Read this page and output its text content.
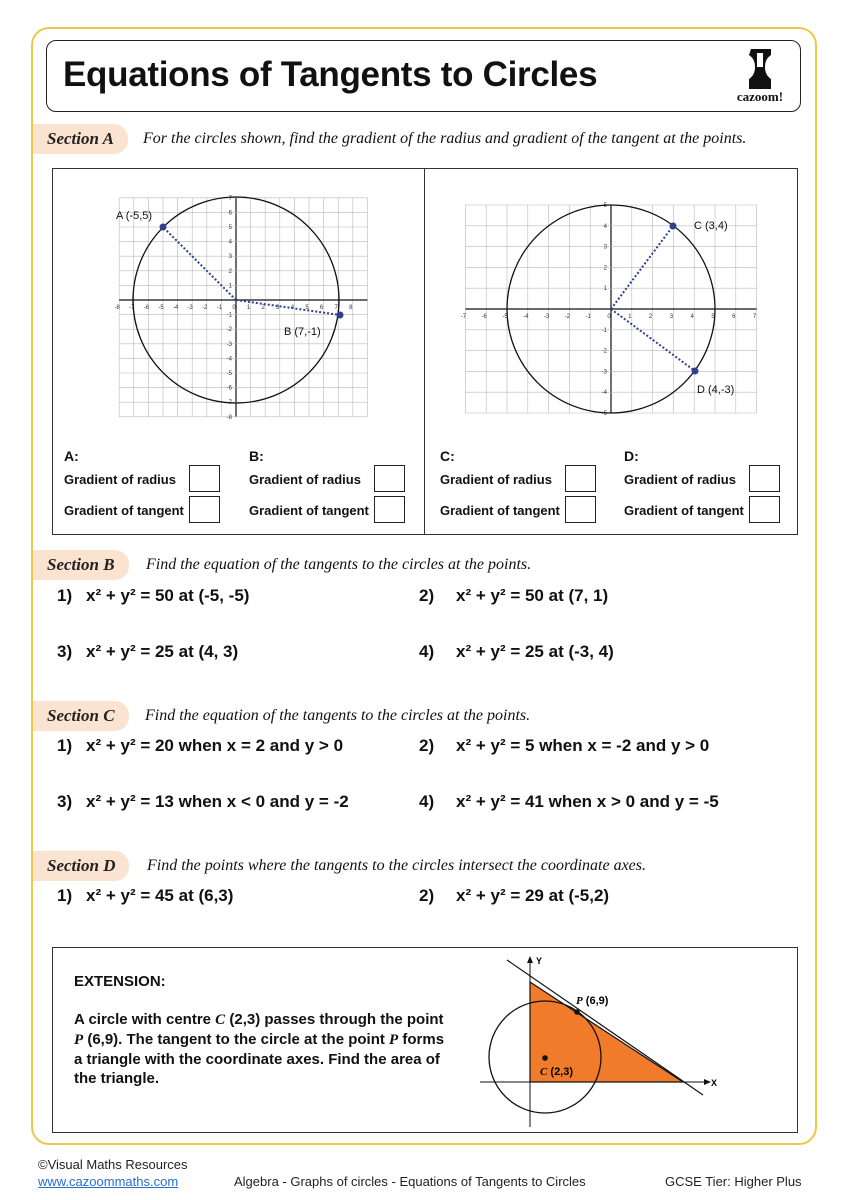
Equations of Tangents to Circles
cazoom!
Section A	For the circles shown, find the gradient of the radius and gradient of the tangent at the points.
-8 -7 -6 -5 -4 -3 -2 -1 0 1 2 3	5 6 7 8
7
6
5
4
3
2
1
-1
-2
-3
-4
-5
-6
-7
-8
A (-5,5)
B (7,-1)
-7	-6	-5	-4	-3	-2	-1	0	1	2	3	4	5	6	7
5
4
3
2
1
-1
-2
-3
-4
-5
C (3,4)
D (4,-3)
A:
Gradient of radius
Gradient of tangent
B:
Gradient of radius
Gradient of tangent
C:
Gradient of radius
Gradient of tangent
D:
Gradient of radius
Gradient of tangent
Section B	Find the equation of the tangents to the circles at the points.
1) x² + y² = 50 at (-5, -5)	2) x² + y² = 50 at (7, 1)
3) x² + y² = 25 at (4, 3)	4) x² + y² = 25 at (-3, 4)
Section C	Find the equation of the tangents to the circles at the points.
1) x² + y² = 20 when x = 2 and y > 0	2) x² + y² = 5 when x = -2 and y > 0
3) x² + y² = 13 when x < 0 and y = -2	4) x² + y² = 41 when x > 0 and y = -5
Section D	Find the points where the tangents to the circles intersect the coordinate axes.
1) x² + y² = 45 at (6,3)	2) x² + y² = 29 at (-5,2)
EXTENSION:
A circle with centre C (2,3) passes through the point P (6,9). The tangent to the circle at the point P forms a triangle with the coordinate axes. Find the area of the triangle.
Y
X
P (6,9)
C (2,3)
©Visual Maths Resources
www.cazoommaths.com	Algebra - Graphs of circles - Equations of Tangents to Circles	GCSE Tier: Higher Plus
